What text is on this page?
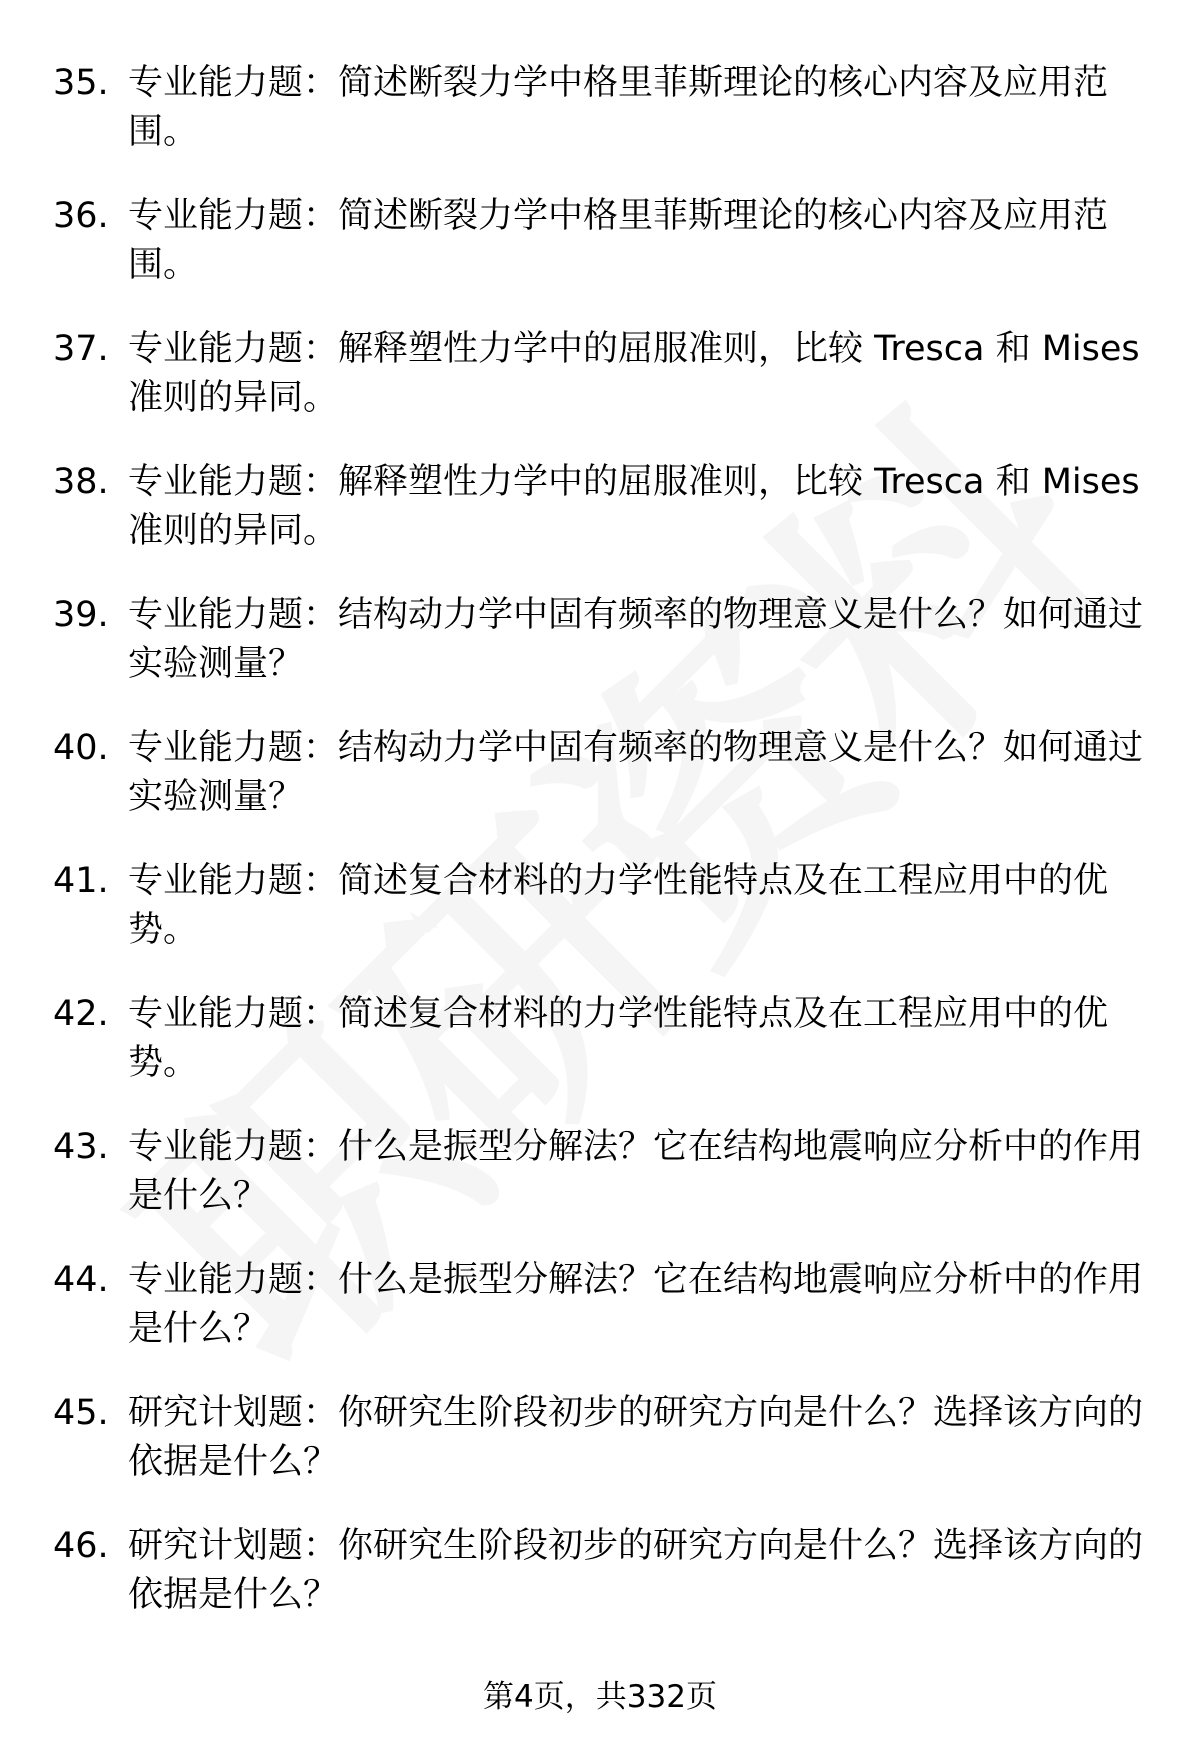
35. 专业能力题：简述断裂力学中格里菲斯理论的核心内容及应用范围。
36. 专业能力题：简述断裂力学中格里菲斯理论的核心内容及应用范围。
37. 专业能力题：解释塑性力学中的屈服准则，比较 Tresca 和 Mises 准则的异同。
38. 专业能力题：解释塑性力学中的屈服准则，比较 Tresca 和 Mises 准则的异同。
39. 专业能力题：结构动力学中固有频率的物理意义是什么？如何通过实验测量？
40. 专业能力题：结构动力学中固有频率的物理意义是什么？如何通过实验测量？
41. 专业能力题：简述复合材料的力学性能特点及在工程应用中的优势。
42. 专业能力题：简述复合材料的力学性能特点及在工程应用中的优势。
43. 专业能力题：什么是振型分解法？它在结构地震响应分析中的作用是什么？
44. 专业能力题：什么是振型分解法？它在结构地震响应分析中的作用是什么？
45. 研究计划题：你研究生阶段初步的研究方向是什么？选择该方向的依据是什么？
46. 研究计划题：你研究生阶段初步的研究方向是什么？选择该方向的依据是什么？
第4页，共332页
